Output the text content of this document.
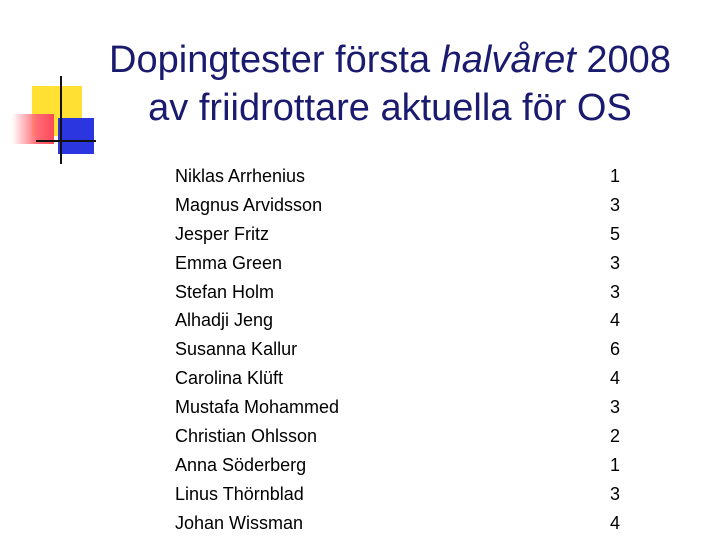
Dopingtester första halvåret 2008
av friidrottare aktuella för OS
Niklas Arrhenius	1
Magnus Arvidsson	3
Jesper Fritz	5
Emma Green	3
Stefan Holm	3
Alhadji Jeng	4
Susanna Kallur	6
Carolina Klüft	4
Mustafa Mohammed	3
Christian Ohlsson	2
Anna Söderberg	1
Linus Thörnblad	3
Johan Wissman	4
